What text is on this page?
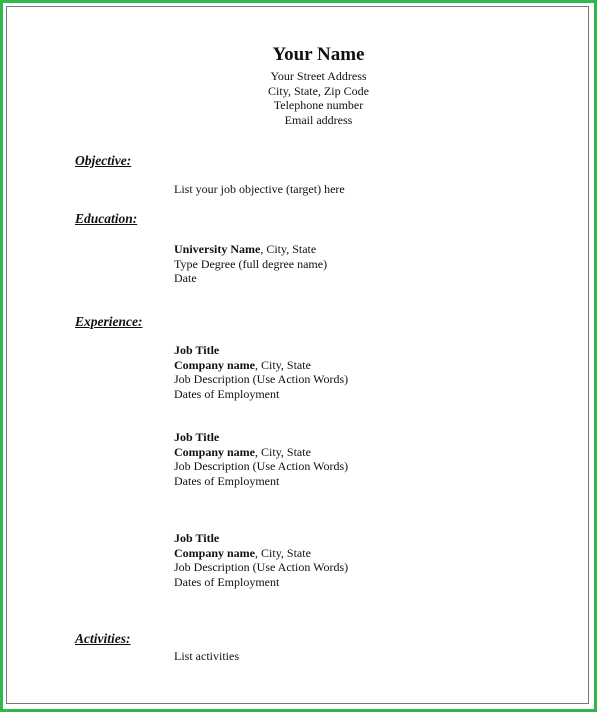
Your Name
Your Street Address
City, State, Zip Code
Telephone number
Email address
Objective:
List your job objective (target) here
Education:
University Name, City, State
Type Degree (full degree name)
Date
Experience:
Job Title
Company name, City, State
Job Description (Use Action Words)
Dates of Employment
Job Title
Company name, City, State
Job Description (Use Action Words)
Dates of Employment
Job Title
Company name, City, State
Job Description (Use Action Words)
Dates of Employment
Activities:
List activities
